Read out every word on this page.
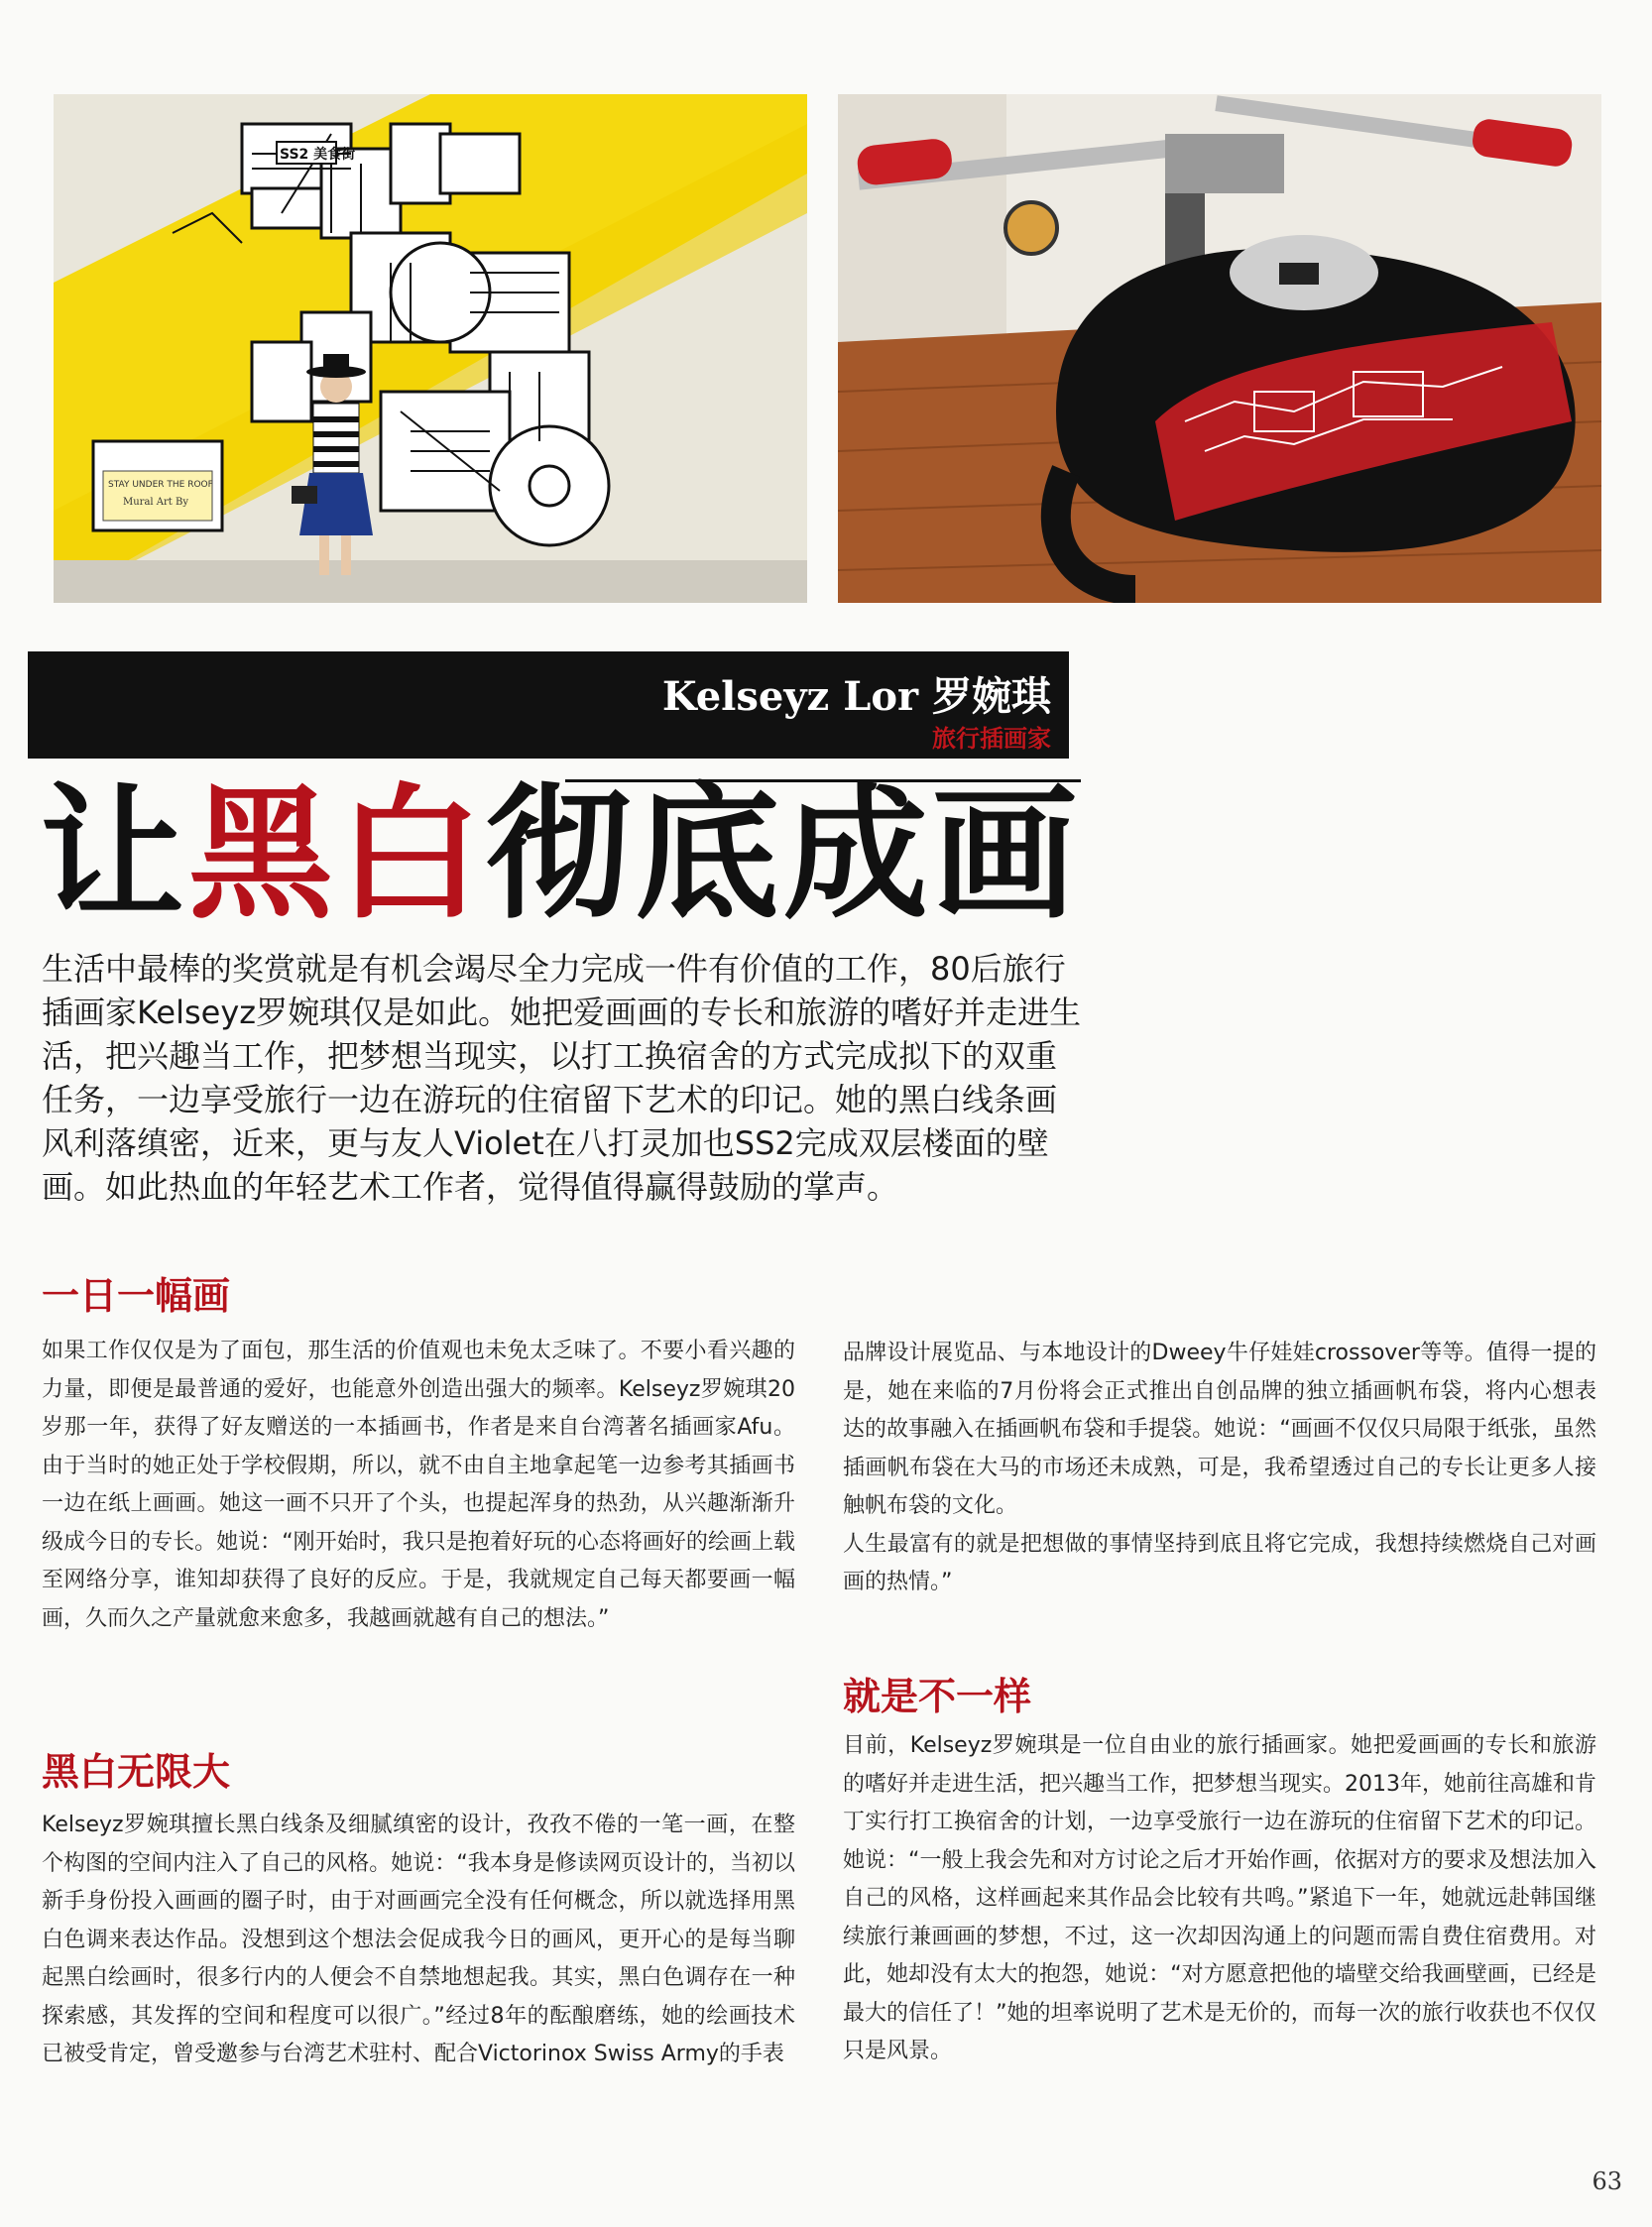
SS2 美食街
STAY UNDER THE ROOF
Mural Art By
Kelseyz Lor 罗婉琪
旅行插画家
让黑白彻底成画
生活中最棒的奖赏就是有机会竭尽全力完成一件有价值的工作，80后旅行插画家Kelseyz罗婉琪仅是如此。她把爱画画的专长和旅游的嗜好并走进生活，把兴趣当工作，把梦想当现实，以打工换宿舍的方式完成拟下的双重任务，一边享受旅行一边在游玩的住宿留下艺术的印记。她的黑白线条画风利落缜密，近来，更与友人Violet在八打灵加也SS2完成双层楼面的壁画。如此热血的年轻艺术工作者，觉得值得赢得鼓励的掌声。
一日一幅画
如果工作仅仅是为了面包，那生活的价值观也未免太乏味了。不要小看兴趣的力量，即便是最普通的爱好，也能意外创造出强大的频率。Kelseyz罗婉琪20岁那一年，获得了好友赠送的一本插画书，作者是来自台湾著名插画家Afu。由于当时的她正处于学校假期，所以，就不由自主地拿起笔一边参考其插画书一边在纸上画画。她这一画不只开了个头，也提起浑身的热劲，从兴趣渐渐升级成今日的专长。她说：“刚开始时，我只是抱着好玩的心态将画好的绘画上载至网络分享，谁知却获得了良好的反应。于是，我就规定自己每天都要画一幅画，久而久之产量就愈来愈多，我越画就越有自己的想法。”
黑白无限大
Kelseyz罗婉琪擅长黑白线条及细腻缜密的设计，孜孜不倦的一笔一画，在整个构图的空间内注入了自己的风格。她说：“我本身是修读网页设计的，当初以新手身份投入画画的圈子时，由于对画画完全没有任何概念，所以就选择用黑白色调来表达作品。没想到这个想法会促成我今日的画风，更开心的是每当聊起黑白绘画时，很多行内的人便会不自禁地想起我。其实，黑白色调存在一种探索感，其发挥的空间和程度可以很广。”经过8年的酝酿磨练，她的绘画技术已被受肯定，曾受邀参与台湾艺术驻村、配合Victorinox Swiss Army的手表

品牌设计展览品、与本地设计的Dweey牛仔娃娃crossover等等。值得一提的是，她在来临的7月份将会正式推出自创品牌的独立插画帆布袋，将内心想表达的故事融入在插画帆布袋和手提袋。她说：“画画不仅仅只局限于纸张，虽然插画帆布袋在大马的市场还未成熟，可是，我希望透过自己的专长让更多人接触帆布袋的文化。

人生最富有的就是把想做的事情坚持到底且将它完成，我想持续燃烧自己对画画的热情。”

就是不一样
目前，Kelseyz罗婉琪是一位自由业的旅行插画家。她把爱画画的专长和旅游的嗜好并走进生活，把兴趣当工作，把梦想当现实。2013年，她前往高雄和肯丁实行打工换宿舍的计划，一边享受旅行一边在游玩的住宿留下艺术的印记。她说：“一般上我会先和对方讨论之后才开始作画，依据对方的要求及想法加入自己的风格，这样画起来其作品会比较有共鸣。”紧追下一年，她就远赴韩国继续旅行兼画画的梦想，不过，这一次却因沟通上的问题而需自费住宿费用。对此，她却没有太大的抱怨，她说：“对方愿意把他的墙壁交给我画壁画，已经是最大的信任了！”她的坦率说明了艺术是无价的，而每一次的旅行收获也不仅仅只是风景。
63
